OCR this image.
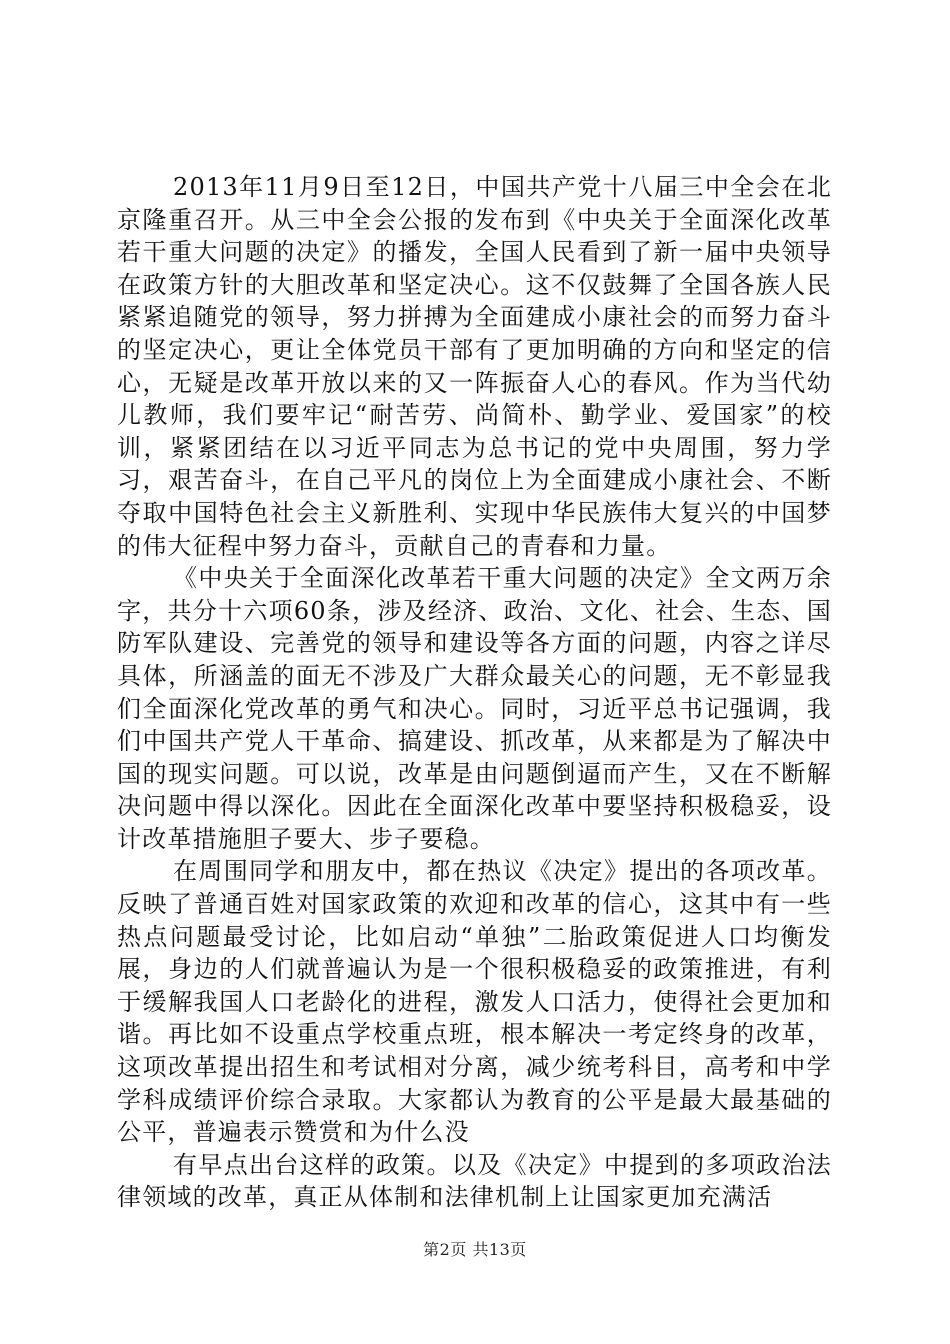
2013年11月9日至12日，中国共产党十八届三中全会在北京隆重召开。从三中全会公报的发布到《中央关于全面深化改革若干重大问题的决定》的播发，全国人民看到了新一届中央领导在政策方针的大胆改革和坚定决心。这不仅鼓舞了全国各族人民紧紧追随党的领导，努力拼搏为全面建成小康社会的而努力奋斗的坚定决心，更让全体党员干部有了更加明确的方向和坚定的信心，无疑是改革开放以来的又一阵振奋人心的春风。作为当代幼儿教师，我们要牢记“耐苦劳、尚简朴、勤学业、爱国家”的校训，紧紧团结在以习近平同志为总书记的党中央周围，努力学习，艰苦奋斗，在自己平凡的岗位上为全面建成小康社会、不断夺取中国特色社会主义新胜利、实现中华民族伟大复兴的中国梦的伟大征程中努力奋斗，贡献自己的青春和力量。

《中央关于全面深化改革若干重大问题的决定》全文两万余字，共分十六项60条，涉及经济、政治、文化、社会、生态、国防军队建设、完善党的领导和建设等各方面的问题，内容之详尽具体，所涵盖的面无不涉及广大群众最关心的问题，无不彰显我们全面深化党改革的勇气和决心。同时，习近平总书记强调，我们中国共产党人干革命、搞建设、抓改革，从来都是为了解决中国的现实问题。可以说，改革是由问题倒逼而产生，又在不断解决问题中得以深化。因此在全面深化改革中要坚持积极稳妥，设计改革措施胆子要大、步子要稳。

在周围同学和朋友中，都在热议《决定》提出的各项改革。反映了普通百姓对国家政策的欢迎和改革的信心，这其中有一些热点问题最受讨论，比如启动“单独”二胎政策促进人口均衡发展，身边的人们就普遍认为是一个很积极稳妥的政策推进，有利于缓解我国人口老龄化的进程，激发人口活力，使得社会更加和谐。再比如不设重点学校重点班，根本解决一考定终身的改革，这项改革提出招生和考试相对分离，减少统考科目，高考和中学学科成绩评价综合录取。大家都认为教育的公平是最大最基础的公平，普遍表示赞赏和为什么没

有早点出台这样的政策。以及《决定》中提到的多项政治法律领域的改革，真正从体制和法律机制上让国家更加充满活

第2页 共13页
